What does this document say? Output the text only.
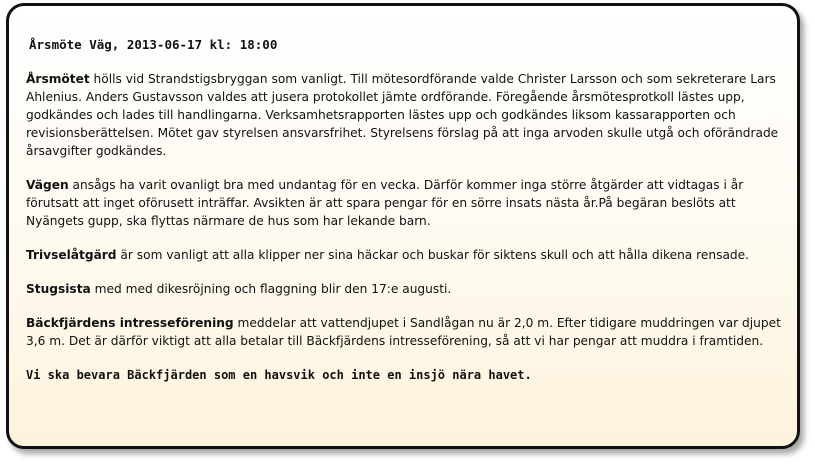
Årsmöte Väg, 2013-06-17 kl: 18:00

Årsmötet hölls vid Strandstigsbryggan som vanligt. Till mötesordförande valde Christer Larsson och som sekreterare Lars Ahlenius. Anders Gustavsson valdes att jusera protokollet jämte ordförande. Föregående årsmötesprotkoll lästes upp, godkändes och lades till handlingarna. Verksamhetsrapporten lästes upp och godkändes liksom kassarapporten och revisionsberättelsen. Mötet gav styrelsen ansvarsfrihet. Styrelsens förslag på att inga arvoden skulle utgå och oförändrade årsavgifter godkändes.

Vägen ansågs ha varit ovanligt bra med undantag för en vecka. Därför kommer inga större åtgärder att vidtagas i år förutsatt att inget oförusett inträffar. Avsikten är att spara pengar för en sörre insats nästa år.På begäran beslöts att Nyängets gupp, ska flyttas närmare de hus som har lekande barn.

Trivselåtgärd är som vanligt att alla klipper ner sina häckar och buskar för siktens skull och att hålla dikena rensade.

Stugsista med med dikesröjning och flaggning blir den 17:e augusti.

Bäckfjärdens intresseförening meddelar att vattendjupet i Sandlågan nu är 2,0 m. Efter tidigare muddringen var djupet 3,6 m. Det är därför viktigt att alla betalar till Bäckfjärdens intresseförening, så att vi har pengar att muddra i framtiden.

Vi ska bevara Bäckfjärden som en havsvik och inte en insjö nära havet.
